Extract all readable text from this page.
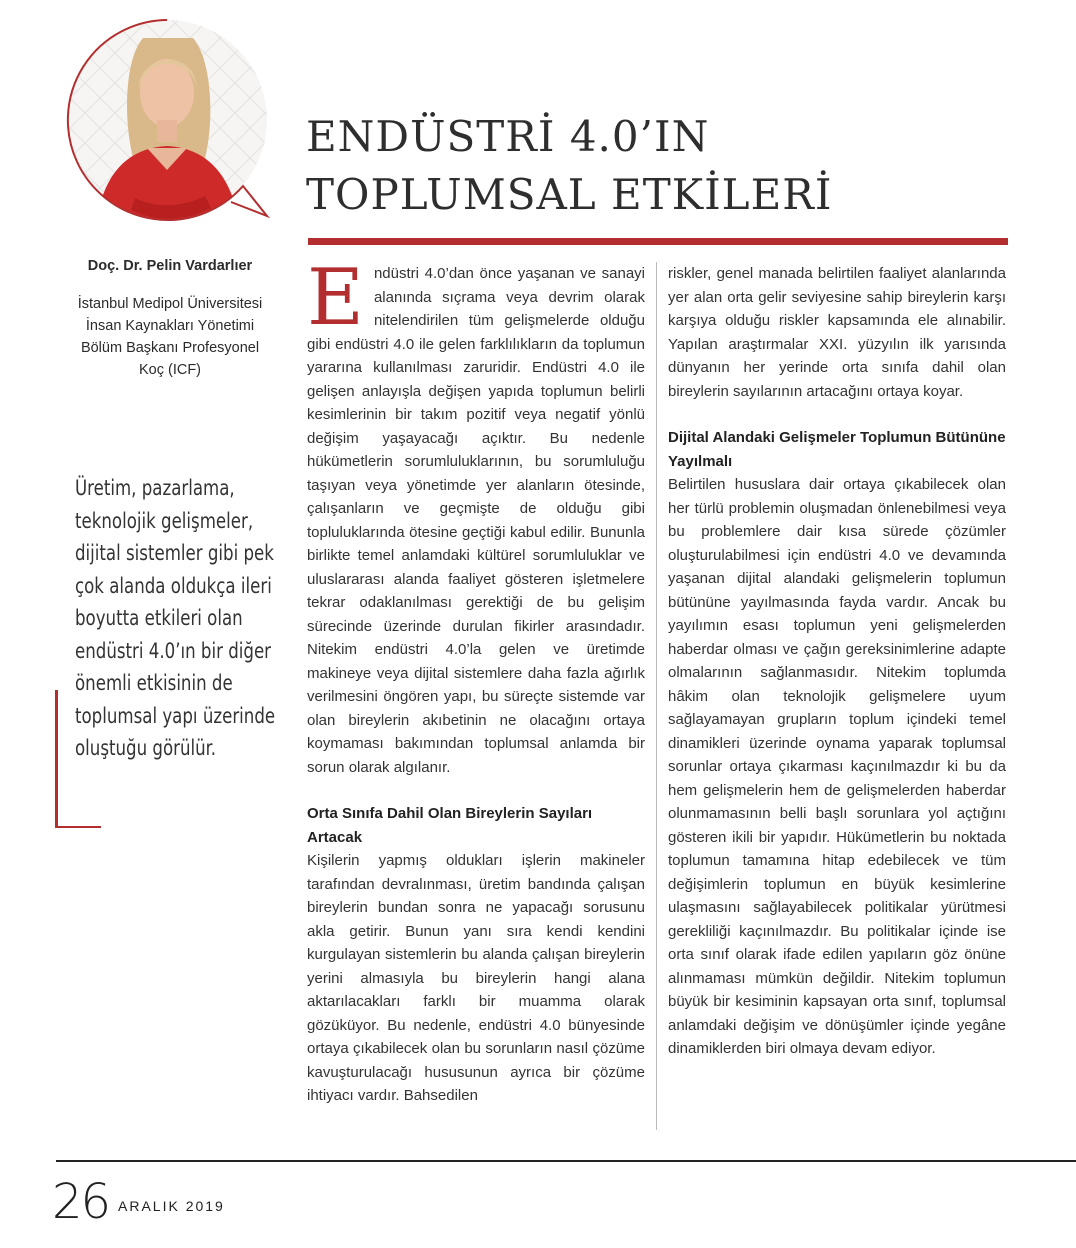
ENDÜSTRİ 4.0’IN
TOPLUMSAL ETKİLERİ

Doç. Dr. Pelin Vardarlıer

İstanbul Medipol Üniversitesi

İnsan Kaynakları Yönetimi

Bölüm Başkanı Profesyonel

Koç (ICF)

Üretim, pazarlama, teknolojik gelişmeler, dijital sistemler gibi pek çok alanda oldukça ileri boyutta etkileri olan endüstri 4.0’ın bir diğer önemli etkisinin de toplumsal yapı üzerinde oluştuğu görülür.

Endüstri 4.0’dan önce yaşanan ve sanayi alanında sıçrama veya devrim olarak nitelendirilen tüm gelişmelerde olduğu gibi endüstri 4.0 ile gelen farklılıkların da toplumun yararına kullanılması zaruridir. Endüstri 4.0 ile gelişen anlayışla değişen yapıda toplumun belirli kesimlerinin bir takım pozitif veya negatif yönlü değişim yaşayacağı açıktır. Bu nedenle hükümetlerin sorumluluklarının, bu sorumluluğu taşıyan veya yönetimde yer alanların ötesinde, çalışanların ve geçmişte de olduğu gibi topluluklarında ötesine geçtiği kabul edilir. Bununla birlikte temel anlamdaki kültürel sorumluluklar ve uluslararası alanda faaliyet gösteren işletmelere tekrar odaklanılması gerektiği de bu gelişim sürecinde üzerinde durulan fikirler arasındadır. Nitekim endüstri 4.0’la gelen ve üretimde makineye veya dijital sistemlere daha fazla ağırlık verilmesini öngören yapı, bu süreçte sistemde var olan bireylerin akıbetinin ne olacağını ortaya koymaması bakımından toplumsal anlamda bir sorun olarak algılanır.

Orta Sınıfa Dahil Olan Bireylerin Sayıları Artacak

Kişilerin yapmış oldukları işlerin makineler tarafından devralınması, üretim bandında çalışan bireylerin bundan sonra ne yapacağı sorusunu akla getirir. Bunun yanı sıra kendi kendini kurgulayan sistemlerin bu alanda çalışan bireylerin yerini almasıyla bu bireylerin hangi alana aktarılacakları farklı bir muamma olarak gözüküyor. Bu nedenle, endüstri 4.0 bünyesinde ortaya çıkabilecek olan bu sorunların nasıl çözüme kavuşturulacağı hususunun ayrıca bir çözüme ihtiyacı vardır. Bahsedilen

riskler, genel manada belirtilen faaliyet alanlarında yer alan orta gelir seviyesine sahip bireylerin karşı karşıya olduğu riskler kapsamında ele alınabilir. Yapılan araştırmalar XXI. yüzyılın ilk yarısında dünyanın her yerinde orta sınıfa dahil olan bireylerin sayılarının artacağını ortaya koyar.

Dijital Alandaki Gelişmeler Toplumun Bütününe Yayılmalı

Belirtilen hususlara dair ortaya çıkabilecek olan her türlü problemin oluşmadan önlenebilmesi veya bu problemlere dair kısa sürede çözümler oluşturulabilmesi için endüstri 4.0 ve devamında yaşanan dijital alandaki gelişmelerin toplumun bütününe yayılmasında fayda vardır. Ancak bu yayılımın esası toplumun yeni gelişmelerden haberdar olması ve çağın gereksinimlerine adapte olmalarının sağlanmasıdır. Nitekim toplumda hâkim olan teknolojik gelişmelere uyum sağlayamayan grupların toplum içindeki temel dinamikleri üzerinde oynama yaparak toplumsal sorunlar ortaya çıkarması kaçınılmazdır ki bu da hem gelişmelerin hem de gelişmelerden haberdar olunmamasının belli başlı sorunlara yol açtığını gösteren ikili bir yapıdır. Hükümetlerin bu noktada toplumun tamamına hitap edebilecek ve tüm değişimlerin toplumun en büyük kesimlerine ulaşmasını sağlayabilecek politikalar yürütmesi gerekliliği kaçınılmazdır. Bu politikalar içinde ise orta sınıf olarak ifade edilen yapıların göz önüne alınmaması mümkün değildir. Nitekim toplumun büyük bir kesiminin kapsayan orta sınıf, toplumsal anlamdaki değişim ve dönüşümler içinde yegâne dinamiklerden biri olmaya devam ediyor.

26 ARALIK 2019
